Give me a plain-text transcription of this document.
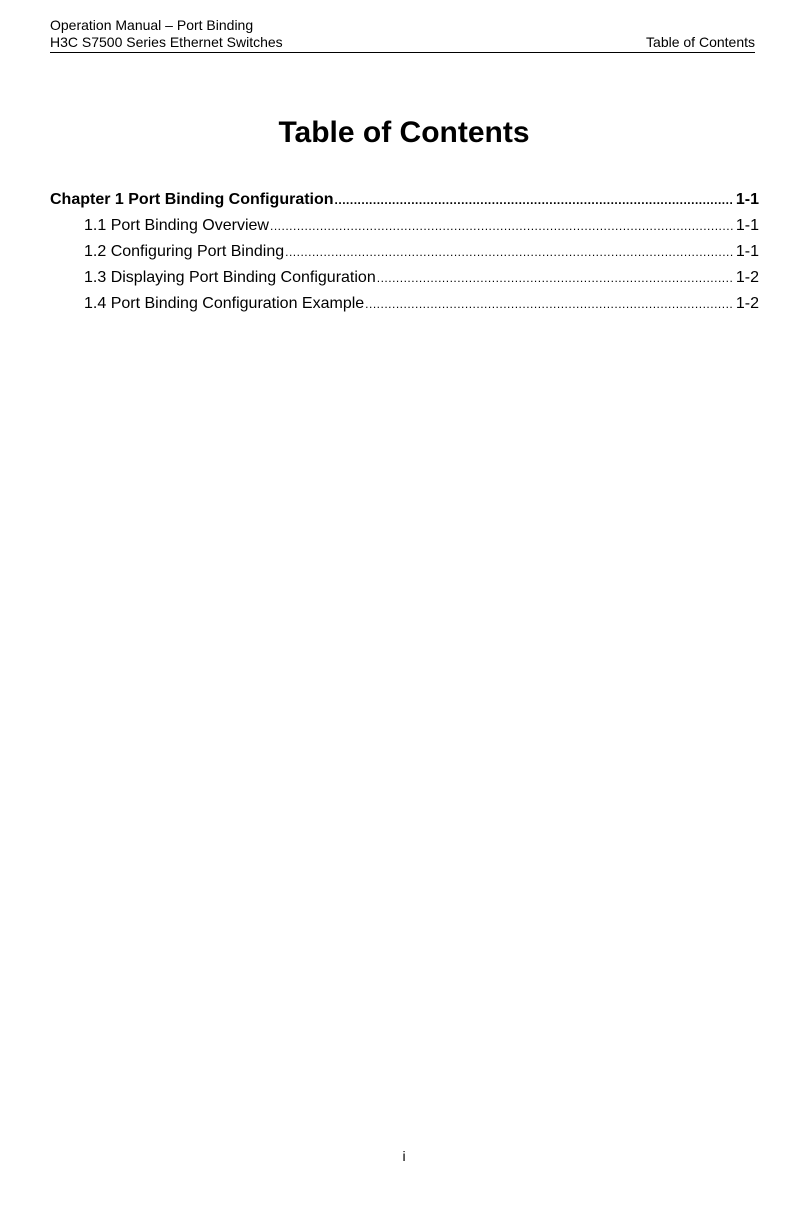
Operation Manual – Port Binding
H3C S7500 Series Ethernet Switches	Table of Contents
Table of Contents
Chapter 1 Port Binding Configuration .....	1-1
1.1 Port Binding Overview .....	1-1
1.2 Configuring Port Binding .....	1-1
1.3 Displaying Port Binding Configuration .....	1-2
1.4 Port Binding Configuration Example .....	1-2
i
